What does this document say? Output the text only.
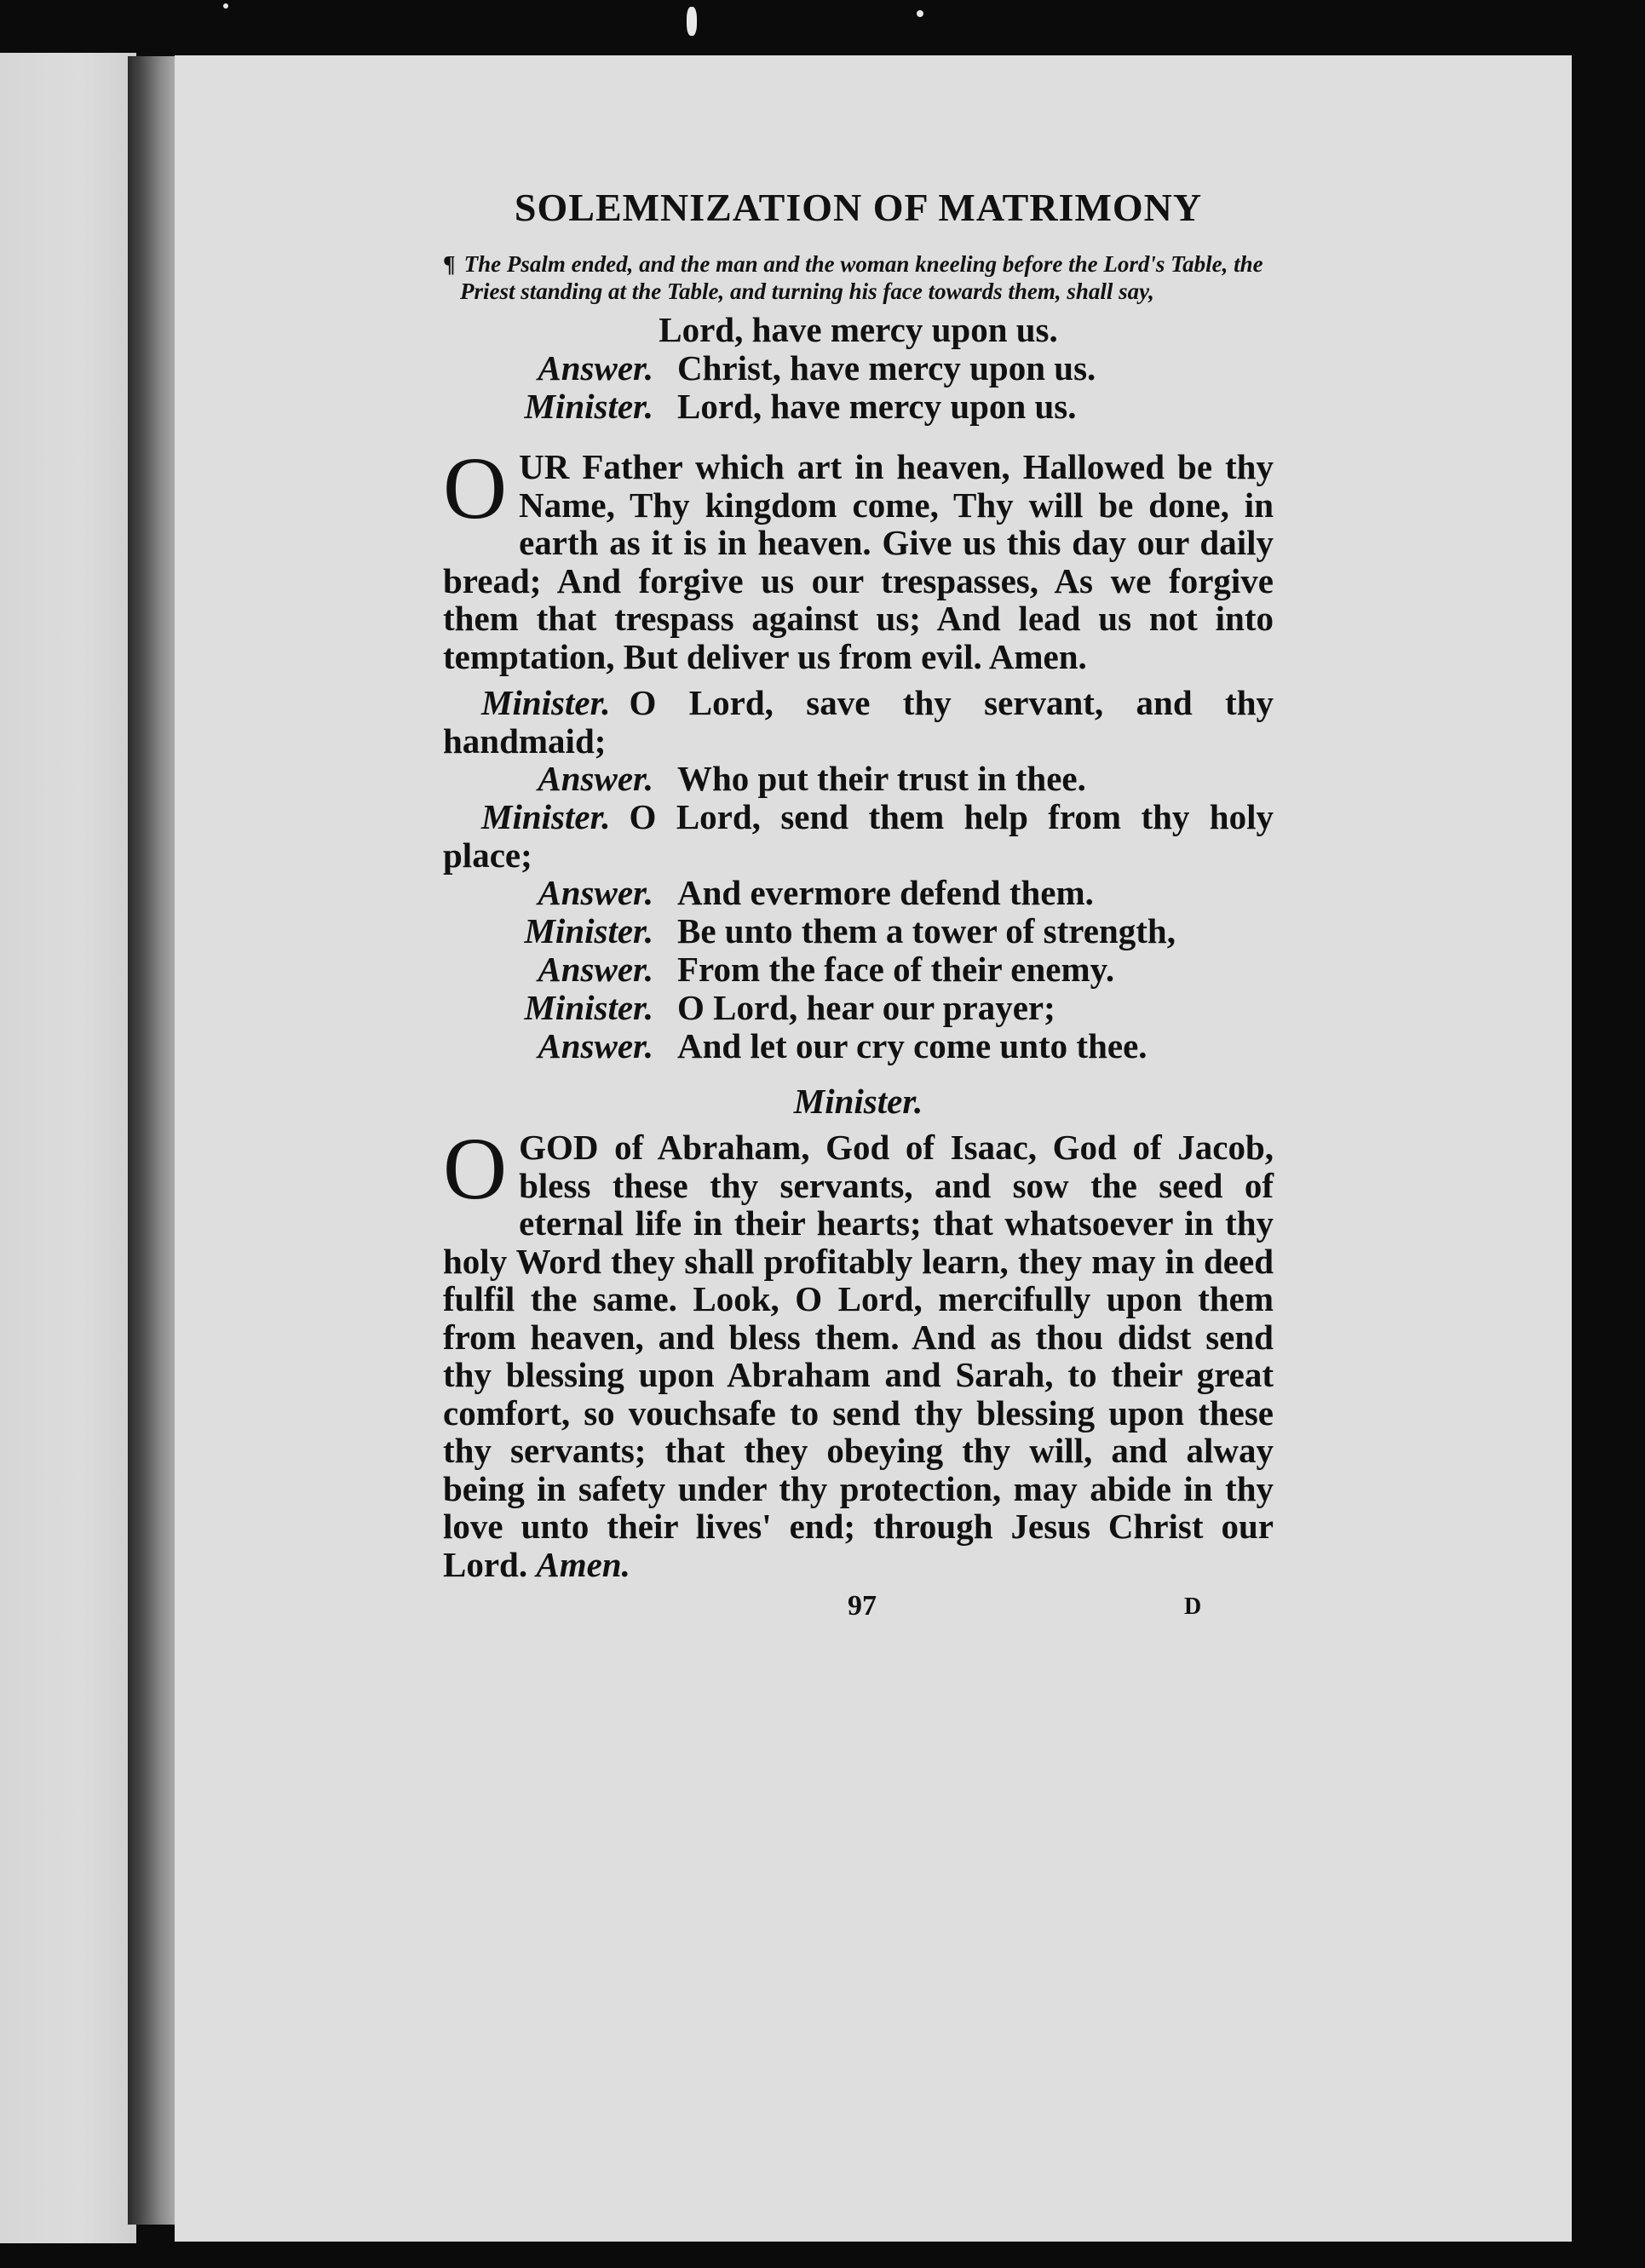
SOLEMNIZATION OF MATRIMONY
¶ The Psalm ended, and the man and the woman kneeling before the Lord's Table, the Priest standing at the Table, and turning his face towards them, shall say,
Lord, have mercy upon us.
Answer. Christ, have mercy upon us.
Minister. Lord, have mercy upon us.
OUR Father which art in heaven, Hallowed be thy Name, Thy kingdom come, Thy will be done, in earth as it is in heaven. Give us this day our daily bread; And forgive us our trespasses, As we forgive them that trespass against us; And lead us not into temptation, But deliver us from evil. Amen.
Minister. O Lord, save thy servant, and thy handmaid;
Answer. Who put their trust in thee.
Minister. O Lord, send them help from thy holy place;
Answer. And evermore defend them.
Minister. Be unto them a tower of strength,
Answer. From the face of their enemy.
Minister. O Lord, hear our prayer;
Answer. And let our cry come unto thee.
Minister.
OGOD of Abraham, God of Isaac, God of Jacob, bless these thy servants, and sow the seed of eternal life in their hearts; that whatsoever in thy holy Word they shall profitably learn, they may in deed fulfil the same. Look, O Lord, mercifully upon them from heaven, and bless them. And as thou didst send thy blessing upon Abraham and Sarah, to their great comfort, so vouchsafe to send thy blessing upon these thy servants; that they obeying thy will, and alway being in safety under thy protection, may abide in thy love unto their lives' end; through Jesus Christ our Lord. Amen.
97	D
